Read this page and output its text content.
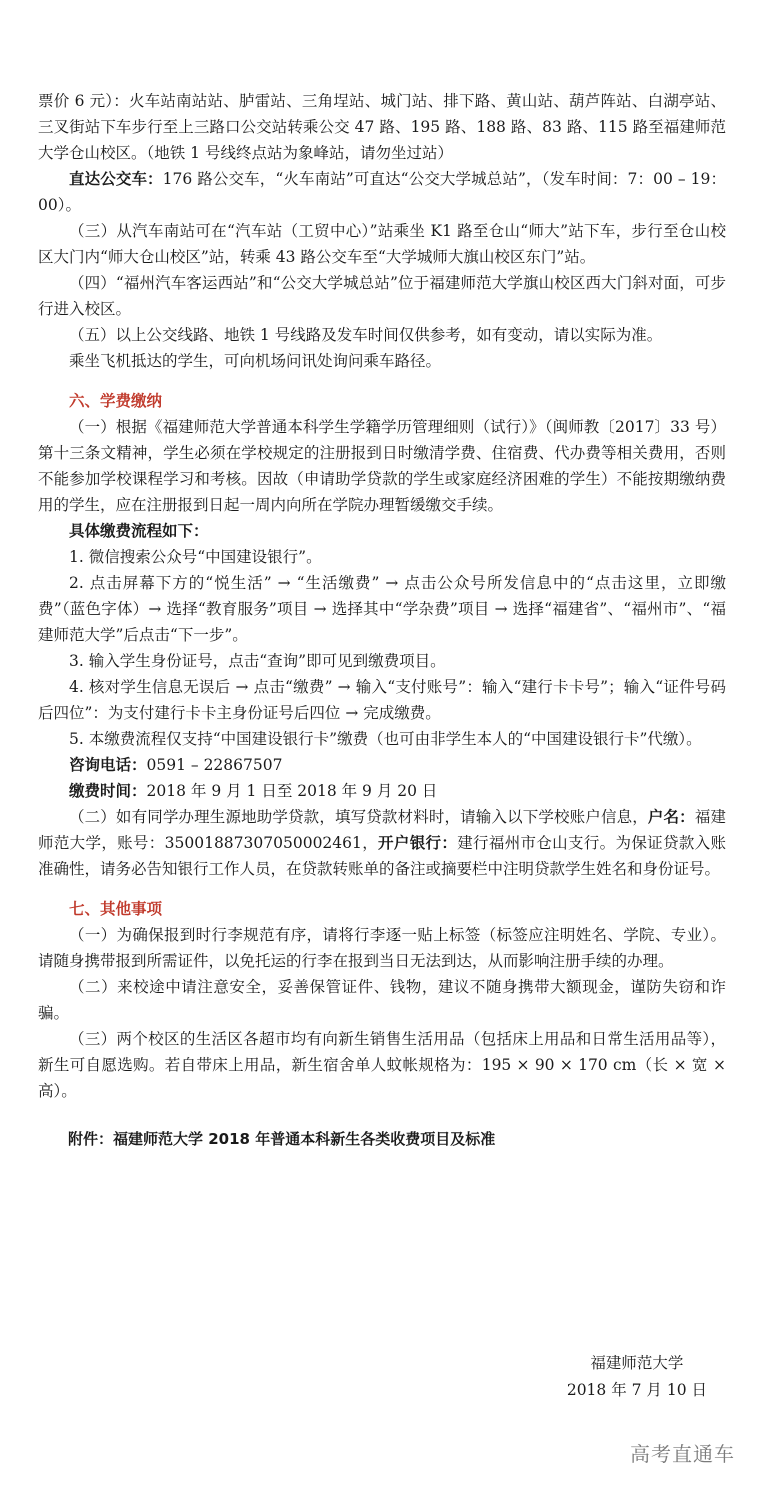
票价 6 元）：火车站南站站、胪雷站、三角埕站、城门站、排下路、黄山站、葫芦阵站、白湖亭站、三叉街站下车步行至上三路口公交站转乘公交 47 路、195 路、188 路、83 路、115 路至福建师范大学仓山校区。（地铁 1 号线终点站为象峰站，请勿坐过站）

直达公交车：176 路公交车，“火车南站”可直达“公交大学城总站”，（发车时间：7：00 – 19：00）。

（三）从汽车南站可在“汽车站（工贸中心）”站乘坐 K1 路至仓山“师大”站下车，步行至仓山校区大门内“师大仓山校区”站，转乘 43 路公交车至“大学城师大旗山校区东门”站。

（四）“福州汽车客运西站”和“公交大学城总站”位于福建师范大学旗山校区西大门斜对面，可步行进入校区。

（五）以上公交线路、地铁 1 号线路及发车时间仅供参考，如有变动，请以实际为准。

乘坐飞机抵达的学生，可向机场问讯处询问乘车路径。

六、学费缴纳

（一）根据《福建师范大学普通本科学生学籍学历管理细则（试行）》（闽师教〔2017〕33 号）第十三条文精神，学生必须在学校规定的注册报到日时缴清学费、住宿费、代办费等相关费用，否则不能参加学校课程学习和考核。因故（申请助学贷款的学生或家庭经济困难的学生）不能按期缴纳费用的学生，应在注册报到日起一周内向所在学院办理暂缓缴交手续。

具体缴费流程如下：

1. 微信搜索公众号“中国建设银行”。

2. 点击屏幕下方的“悦生活” → “生活缴费” → 点击公众号所发信息中的“点击这里，立即缴费”（蓝色字体）→ 选择“教育服务”项目 → 选择其中“学杂费”项目 → 选择“福建省”、“福州市”、“福建师范大学”后点击“下一步”。

3. 输入学生身份证号，点击“查询”即可见到缴费项目。

4. 核对学生信息无误后 → 点击“缴费” → 输入“支付账号”：输入“建行卡卡号”；输入“证件号码后四位”：为支付建行卡卡主身份证号后四位 → 完成缴费。

5. 本缴费流程仅支持“中国建设银行卡”缴费（也可由非学生本人的“中国建设银行卡”代缴）。

咨询电话：0591 – 22867507

缴费时间：2018 年 9 月 1 日至 2018 年 9 月 20 日

（二）如有同学办理生源地助学贷款，填写贷款材料时，请输入以下学校账户信息，户名：福建师范大学，账号：35001887307050002461，开户银行：建行福州市仓山支行。为保证贷款入账准确性，请务必告知银行工作人员，在贷款转账单的备注或摘要栏中注明贷款学生姓名和身份证号。

七、其他事项

（一）为确保报到时行李规范有序，请将行李逐一贴上标签（标签应注明姓名、学院、专业）。请随身携带报到所需证件，以免托运的行李在报到当日无法到达，从而影响注册手续的办理。

（二）来校途中请注意安全，妥善保管证件、钱物，建议不随身携带大额现金，谨防失窃和诈骗。

（三）两个校区的生活区各超市均有向新生销售生活用品（包括床上用品和日常生活用品等），新生可自愿选购。若自带床上用品，新生宿舍单人蚊帐规格为：195 × 90 × 170 cm（长 × 宽 × 高）。

附件：福建师范大学 2018 年普通本科新生各类收费项目及标准

福建师范大学
2018 年 7 月 10 日
高考直通车
